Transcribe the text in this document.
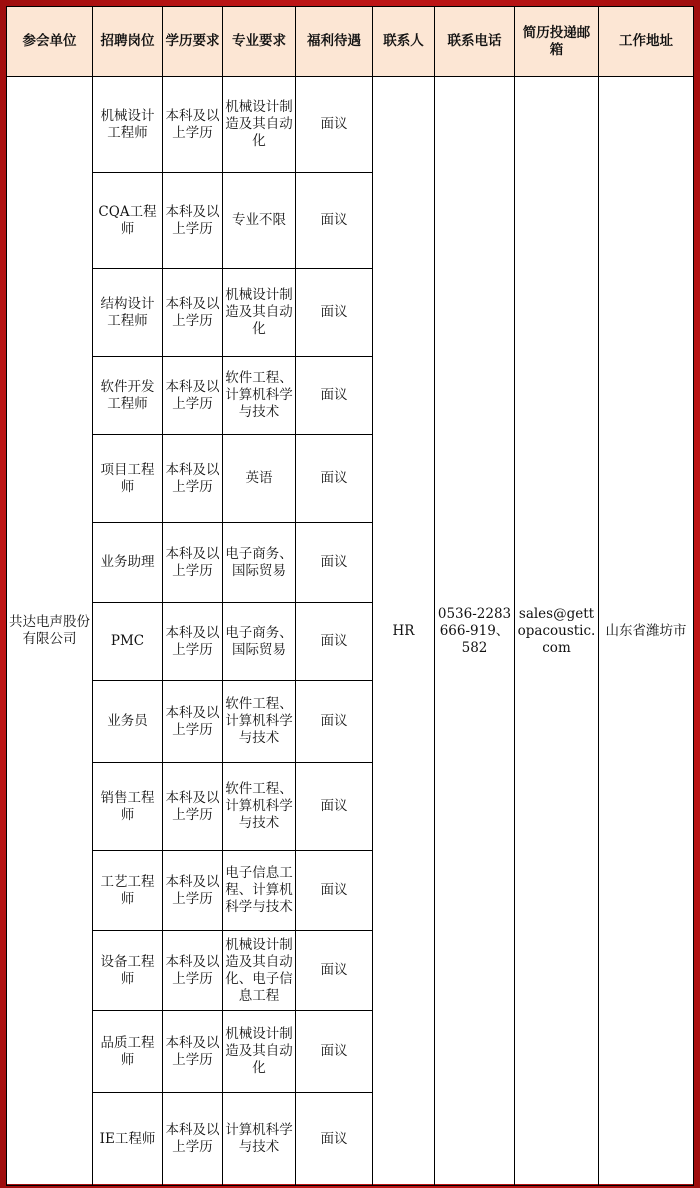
参会单位	招聘岗位	学历要求	专业要求	福利待遇	联系人	联系电话	简历投递邮箱	工作地址
共达电声股份有限公司	机械设计工程师	本科及以上学历	机械设计制造及其自动化	面议	HR	0536-2283666-919、582	sales@gettopacoustic.com	山东省潍坊市
	CQA工程师	本科及以上学历	专业不限	面议				
	结构设计工程师	本科及以上学历	机械设计制造及其自动化	面议				
	软件开发工程师	本科及以上学历	软件工程、计算机科学与技术	面议				
	项目工程师	本科及以上学历	英语	面议				
	业务助理	本科及以上学历	电子商务、国际贸易	面议				
	PMC	本科及以上学历	电子商务、国际贸易	面议				
	业务员	本科及以上学历	软件工程、计算机科学与技术	面议				
	销售工程师	本科及以上学历	软件工程、计算机科学与技术	面议				
	工艺工程师	本科及以上学历	电子信息工程、计算机科学与技术	面议				
	设备工程师	本科及以上学历	机械设计制造及其自动化、电子信息工程	面议				
	品质工程师	本科及以上学历	机械设计制造及其自动化	面议				
	IE工程师	本科及以上学历	计算机科学与技术	面议				
